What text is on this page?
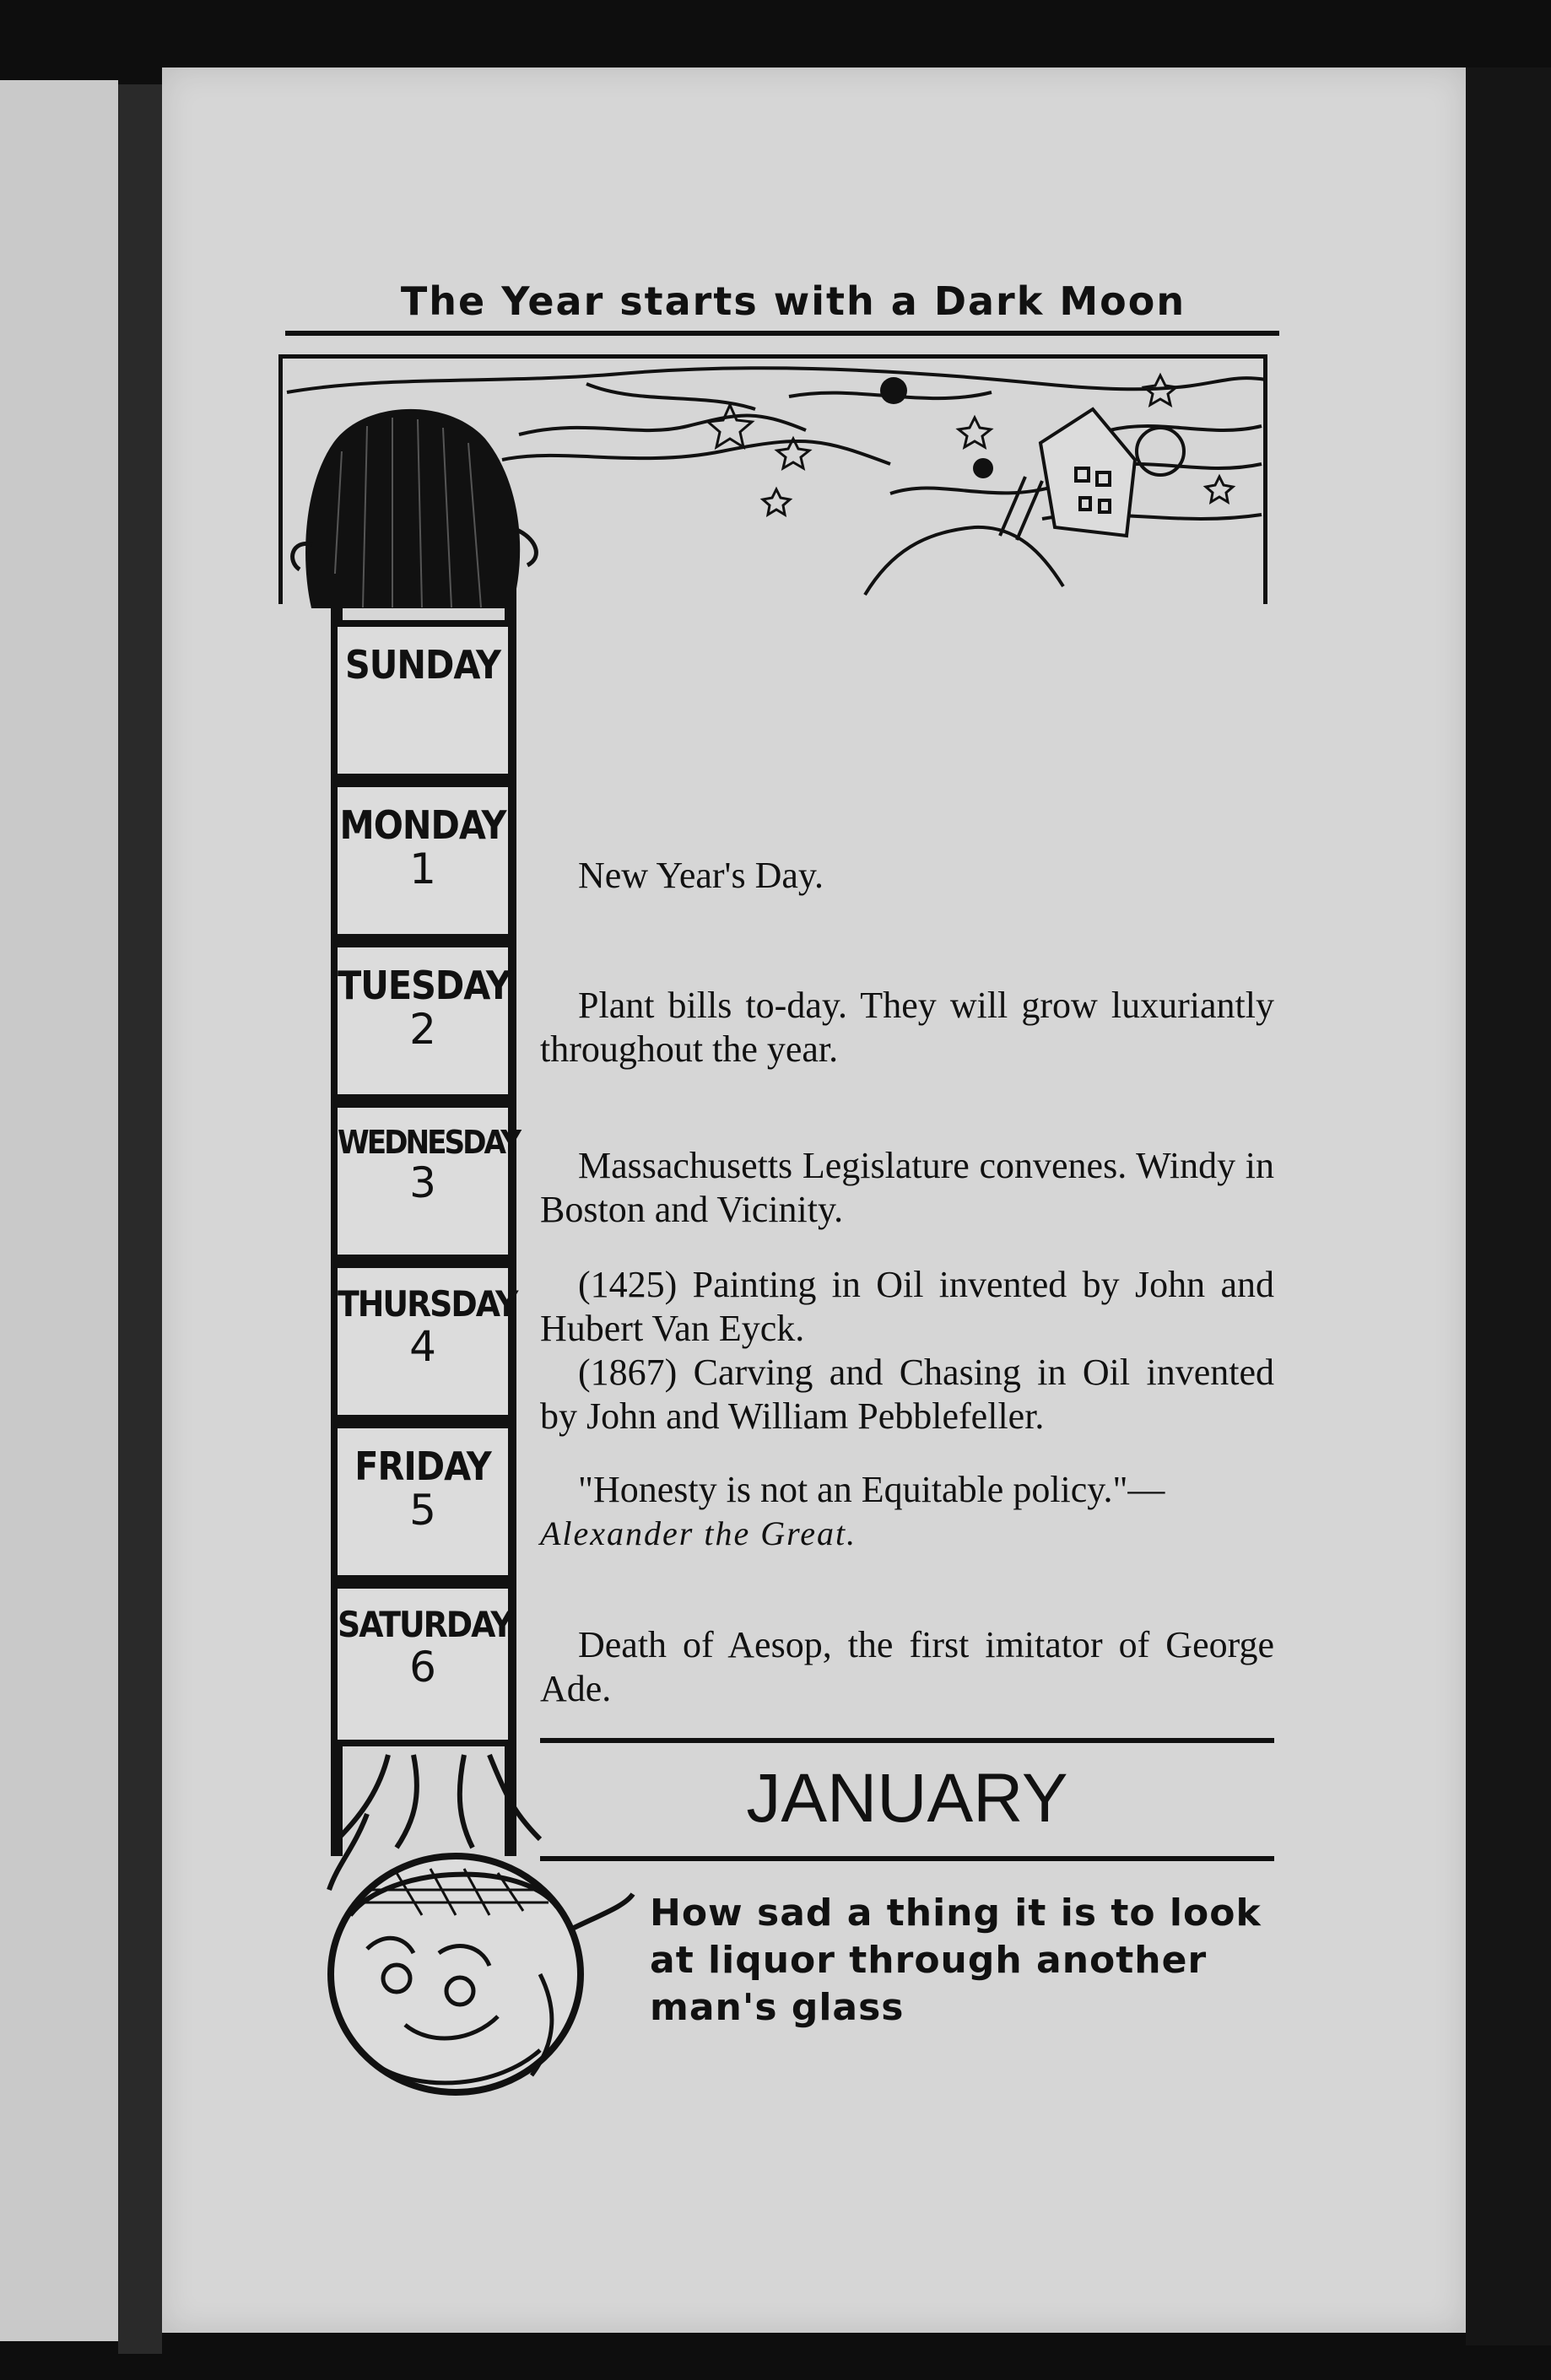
The Year starts with a Dark Moon
SUNDAY
MONDAY
1
TUESDAY
2
WEDNESDAY
3
THURSDAY
4
FRIDAY
5
SATURDAY
6
New Year's Day.
Plant bills to-day. They will grow luxuriantly throughout the year.
Massachusetts Legislature convenes. Windy in Boston and Vicinity.
(1425) Painting in Oil invented by John and Hubert Van Eyck.
(1867) Carving and Chasing in Oil invented by John and William Pebblefeller.
"Honesty is not an Equitable policy."—
Alexander the Great.
Death of Aesop, the first imitator of George Ade.
JANUARY
How sad a thing it is to look at liquor through another man's glass
